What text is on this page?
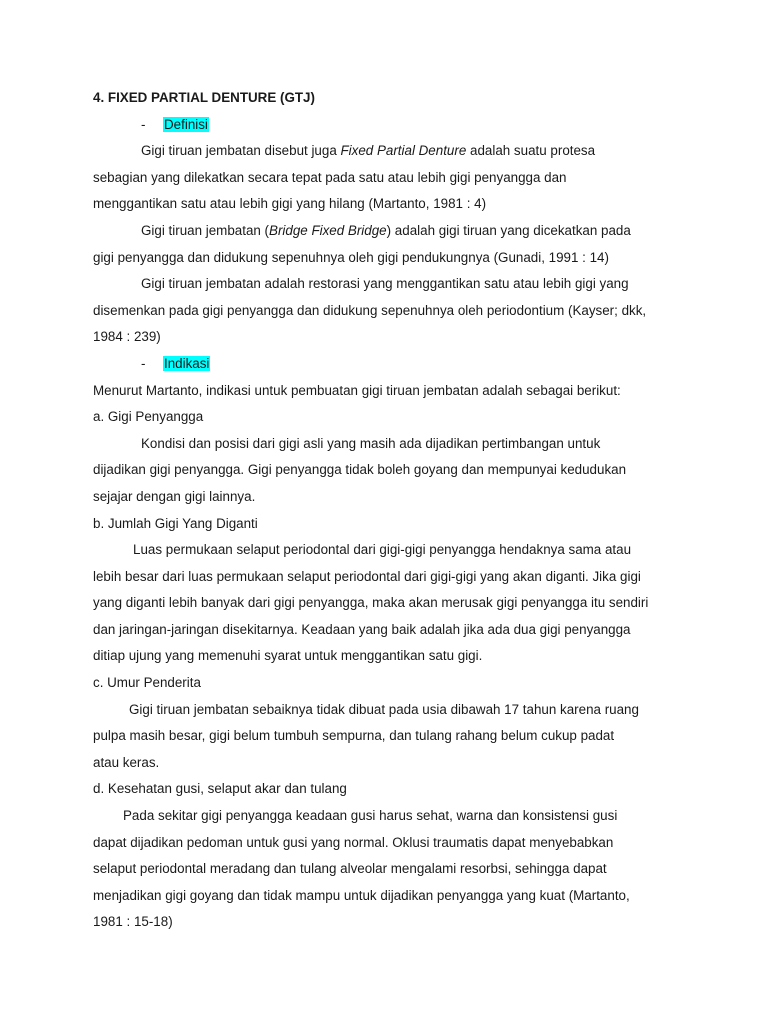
4. FIXED PARTIAL DENTURE (GTJ)
- Definisi
Gigi tiruan jembatan disebut juga Fixed Partial Denture adalah suatu protesa
sebagian yang dilekatkan secara tepat pada satu atau lebih gigi penyangga dan
menggantikan satu atau lebih gigi yang hilang (Martanto, 1981 : 4)
Gigi tiruan jembatan (Bridge Fixed Bridge) adalah gigi tiruan yang dicekatkan pada
gigi penyangga dan didukung sepenuhnya oleh gigi pendukungnya (Gunadi, 1991 : 14)
Gigi tiruan jembatan adalah restorasi yang menggantikan satu atau lebih gigi yang
disemenkan pada gigi penyangga dan didukung sepenuhnya oleh periodontium (Kayser; dkk,
1984 : 239)
- Indikasi
Menurut Martanto, indikasi untuk pembuatan gigi tiruan jembatan adalah sebagai berikut:
a. Gigi Penyangga
Kondisi dan posisi dari gigi asli yang masih ada dijadikan pertimbangan untuk
dijadikan gigi penyangga. Gigi penyangga tidak boleh goyang dan mempunyai kedudukan
sejajar dengan gigi lainnya.
b. Jumlah Gigi Yang Diganti
Luas permukaan selaput periodontal dari gigi-gigi penyangga hendaknya sama atau
lebih besar dari luas permukaan selaput periodontal dari gigi-gigi yang akan diganti. Jika gigi
yang diganti lebih banyak dari gigi penyangga, maka akan merusak gigi penyangga itu sendiri
dan jaringan-jaringan disekitarnya. Keadaan yang baik adalah jika ada dua gigi penyangga
ditiap ujung yang memenuhi syarat untuk menggantikan satu gigi.
c. Umur Penderita
Gigi tiruan jembatan sebaiknya tidak dibuat pada usia dibawah 17 tahun karena ruang
pulpa masih besar, gigi belum tumbuh sempurna, dan tulang rahang belum cukup padat
atau keras.
d. Kesehatan gusi, selaput akar dan tulang
Pada sekitar gigi penyangga keadaan gusi harus sehat, warna dan konsistensi gusi
dapat dijadikan pedoman untuk gusi yang normal. Oklusi traumatis dapat menyebabkan
selaput periodontal meradang dan tulang alveolar mengalami resorbsi, sehingga dapat
menjadikan gigi goyang dan tidak mampu untuk dijadikan penyangga yang kuat (Martanto,
1981 : 15-18)
